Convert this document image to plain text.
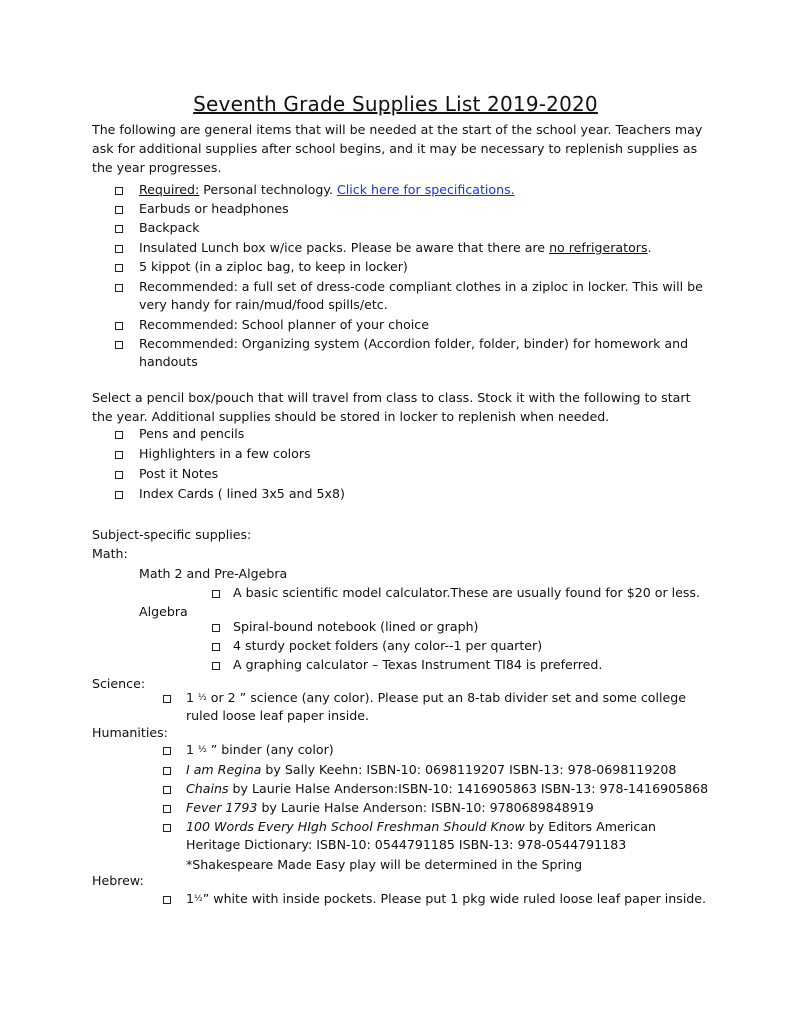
Seventh Grade Supplies List 2019-2020
The following are general items that will be needed at the start of the school year. Teachers may ask for additional supplies after school begins, and it may be necessary to replenish supplies as the year progresses.
Required: Personal technology. Click here for specifications.
Earbuds or headphones
Backpack
Insulated Lunch box w/ice packs. Please be aware that there are no refrigerators.
5 kippot (in a ziploc bag, to keep in locker)
Recommended: a full set of dress-code compliant clothes in a ziploc in locker. This will be very handy for rain/mud/food spills/etc.
Recommended: School planner of your choice
Recommended: Organizing system (Accordion folder, folder, binder) for homework and handouts
Select a pencil box/pouch that will travel from class to class. Stock it with the following to start the year. Additional supplies should be stored in locker to replenish when needed.
Pens and pencils
Highlighters in a few colors
Post it Notes
Index Cards ( lined 3x5 and 5x8)
Subject-specific supplies:
Math:
Math 2 and Pre-Algebra
A basic scientific model calculator.These are usually found for $20 or less.
Algebra
Spiral-bound notebook (lined or graph)
4 sturdy pocket folders (any color--1 per quarter)
A graphing calculator – Texas Instrument TI84 is preferred.
Science:
1 ½ or 2 ” science (any color). Please put an 8-tab divider set and some college ruled loose leaf paper inside.
Humanities:
1 ½ ” binder (any color)
I am Regina by Sally Keehn: ISBN-10: 0698119207 ISBN-13: 978-0698119208
Chains by Laurie Halse Anderson:ISBN-10: 1416905863 ISBN-13: 978-1416905868
Fever 1793 by Laurie Halse Anderson: ISBN-10: 9780689848919
100 Words Every HIgh School Freshman Should Know by Editors American Heritage Dictionary: ISBN-10: 0544791185 ISBN-13: 978-0544791183
*Shakespeare Made Easy play will be determined in the Spring
Hebrew:
1½” white with inside pockets. Please put 1 pkg wide ruled loose leaf paper inside.
